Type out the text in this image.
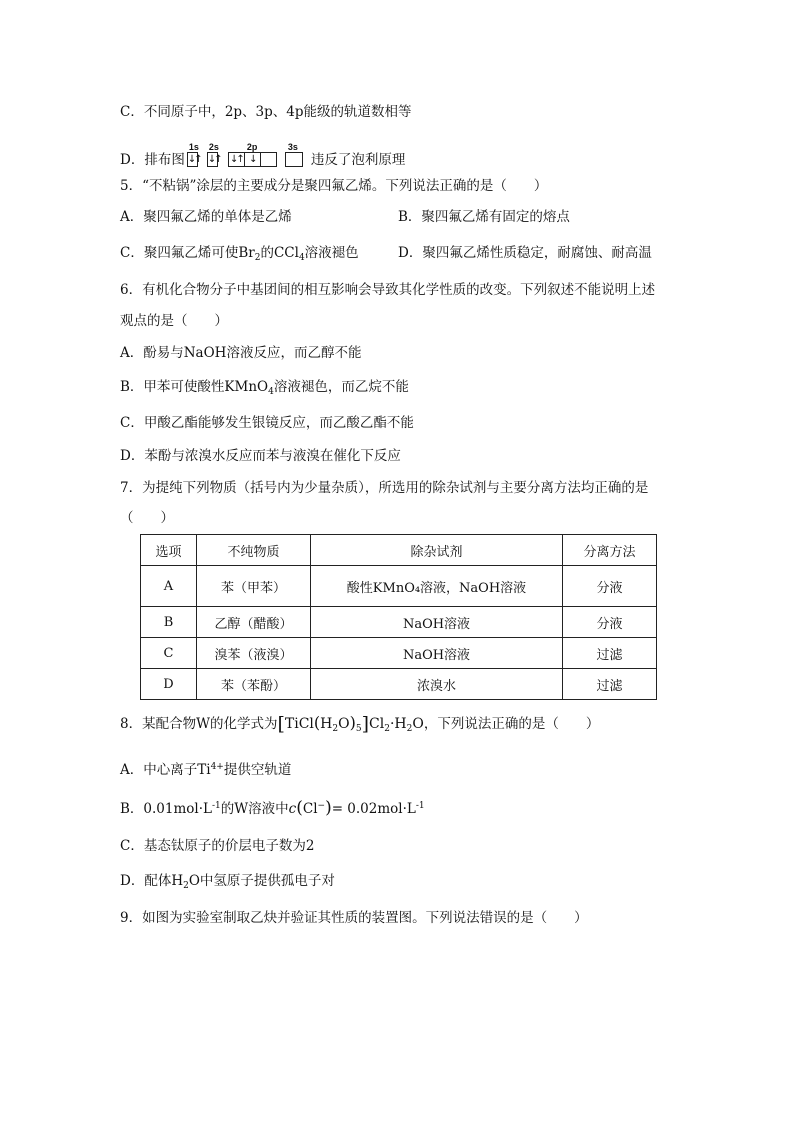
C．不同原子中，2p、3p、4p能级的轨道数相等
D．排布图
1s
↓↑
2s
↓↑
2p
↓↑ ↓
3s
违反了泡利原理
5．“不粘锅”涂层的主要成分是聚四氟乙烯。下列说法正确的是（　　）
A．聚四氟乙烯的单体是乙烯	B．聚四氟乙烯有固定的熔点
C．聚四氟乙烯可使$Br_2$的CCl$_4$溶液褪色	D．聚四氟乙烯性质稳定，耐腐蚀、耐高温
6．有机化合物分子中基团间的相互影响会导致其化学性质的改变。下列叙述不能说明上述
观点的是（　　）
A．酚易与NaOH溶液反应，而乙醇不能
B．甲苯可使酸性KMnO$_4$溶液褪色，而乙烷不能
C．甲酸乙酯能够发生银镜反应，而乙酸乙酯不能
D．苯酚与浓溴水反应而苯与液溴在催化下反应
7．为提纯下列物质（括号内为少量杂质），所选用的除杂试剂与主要分离方法均正确的是
（　　）
选项	不纯物质	除杂试剂	分离方法
A	苯（甲苯）	酸性KMnO₄溶液，NaOH溶液	分液
B	乙醇（醋酸）	NaOH溶液	分液
C	溴苯（液溴）	NaOH溶液	过滤
D	苯（苯酚）	浓溴水	过滤
8．某配合物W的化学式为$[TiCl(H_2O)_5]Cl_2\cdot H_2O$，下列说法正确的是（　　）
A．中心离子$Ti^{4+}$提供空轨道
B．$0.01mol\cdot L^{-1}$的W溶液中$c(Cl^-)= 0.02mol\cdot L^{-1}$
C．基态钛原子的价层电子数为2
D．配体$H_2O$中氢原子提供孤电子对
9．如图为实验室制取乙炔并验证其性质的装置图。下列说法错误的是（　　）
